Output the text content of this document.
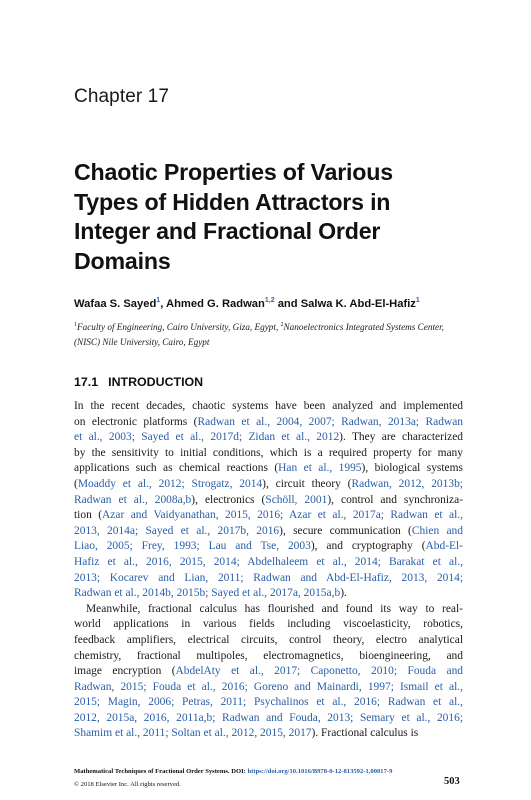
Chapter 17
Chaotic Properties of Various
Types of Hidden Attractors in
Integer and Fractional Order
Domains
Wafaa S. Sayed$^1$, Ahmed G. Radwan$^{1,2}$ and Salwa K. Abd-El-Hafiz$^1$
$^1$Faculty of Engineering, Cairo University, Giza, Egypt, $^2$Nanoelectronics Integrated Systems Center, (NISC) Nile University, Cairo, Egypt
17.1 INTRODUCTION
In the recent decades, chaotic systems have been analyzed and implemented
on electronic platforms (Radwan et al., 2004, 2007; Radwan, 2013a; Radwan
et al., 2003; Sayed et al., 2017d; Zidan et al., 2012). They are characterized
by the sensitivity to initial conditions, which is a required property for many
applications such as chemical reactions (Han et al., 1995), biological systems
(Moaddy et al., 2012; Strogatz, 2014), circuit theory (Radwan, 2012, 2013b;
Radwan et al., 2008a,b), electronics (Schöll, 2001), control and synchroniza-
tion (Azar and Vaidyanathan, 2015, 2016; Azar et al., 2017a; Radwan et al.,
2013, 2014a; Sayed et al., 2017b, 2016), secure communication (Chien and
Liao, 2005; Frey, 1993; Lau and Tse, 2003), and cryptography (Abd-El-
Hafiz et al., 2016, 2015, 2014; Abdelhaleem et al., 2014; Barakat et al.,
2013; Kocarev and Lian, 2011; Radwan and Abd-El-Hafiz, 2013, 2014;
Radwan et al., 2014b, 2015b; Sayed et al., 2017a, 2015a,b).
Meanwhile, fractional calculus has flourished and found its way to real-
world applications in various fields including viscoelasticity, robotics,
feedback amplifiers, electrical circuits, control theory, electro analytical
chemistry, fractional multipoles, electromagnetics, bioengineering, and
image encryption (AbdelAty et al., 2017; Caponetto, 2010; Fouda and
Radwan, 2015; Fouda et al., 2016; Goreno and Mainardi, 1997; Ismail et al.,
2015; Magin, 2006; Petras, 2011; Psychalinos et al., 2016; Radwan et al.,
2012, 2015a, 2016, 2011a,b; Radwan and Fouda, 2013; Semary et al., 2016;
Shamim et al., 2011; Soltan et al., 2012, 2015, 2017). Fractional calculus is
Mathematical Techniques of Fractional Order Systems. DOI: https://doi.org/10.1016/B978-0-12-813592-1.00017-9
© 2018 Elsevier Inc. All rights reserved.	503
